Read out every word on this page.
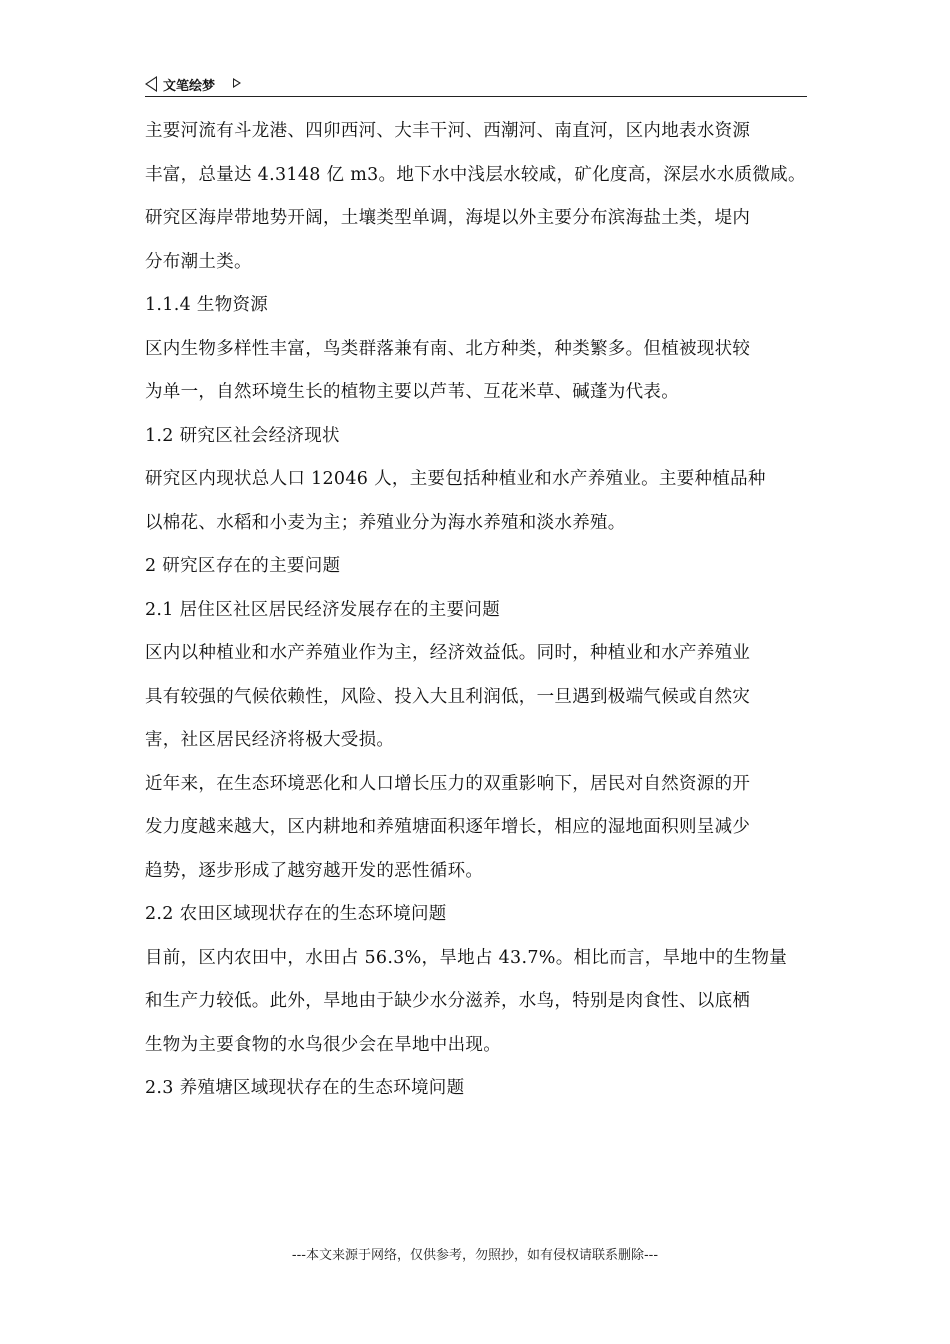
文笔绘梦
主要河流有斗龙港、四卯西河、大丰干河、西潮河、南直河，区内地表水资源
丰富，总量达 4.3148 亿 m3。地下水中浅层水较咸，矿化度高，深层水水质微咸。
研究区海岸带地势开阔，土壤类型单调，海堤以外主要分布滨海盐土类，堤内
分布潮土类。
1.1.4 生物资源
区内生物多样性丰富，鸟类群落兼有南、北方种类，种类繁多。但植被现状较
为单一，自然环境生长的植物主要以芦苇、互花米草、碱蓬为代表。
1.2 研究区社会经济现状
研究区内现状总人口 12046 人，主要包括种植业和水产养殖业。主要种植品种
以棉花、水稻和小麦为主；养殖业分为海水养殖和淡水养殖。
2 研究区存在的主要问题
2.1 居住区社区居民经济发展存在的主要问题
区内以种植业和水产养殖业作为主，经济效益低。同时，种植业和水产养殖业
具有较强的气候依赖性，风险、投入大且利润低，一旦遇到极端气候或自然灾
害，社区居民经济将极大受损。
近年来，在生态环境恶化和人口增长压力的双重影响下，居民对自然资源的开
发力度越来越大，区内耕地和养殖塘面积逐年增长，相应的湿地面积则呈减少
趋势，逐步形成了越穷越开发的恶性循环。
2.2 农田区域现状存在的生态环境问题
目前，区内农田中，水田占 56.3%，旱地占 43.7%。相比而言，旱地中的生物量
和生产力较低。此外，旱地由于缺少水分滋养，水鸟，特别是肉食性、以底栖
生物为主要食物的水鸟很少会在旱地中出现。
2.3 养殖塘区域现状存在的生态环境问题
---本文来源于网络，仅供参考，勿照抄，如有侵权请联系删除---
